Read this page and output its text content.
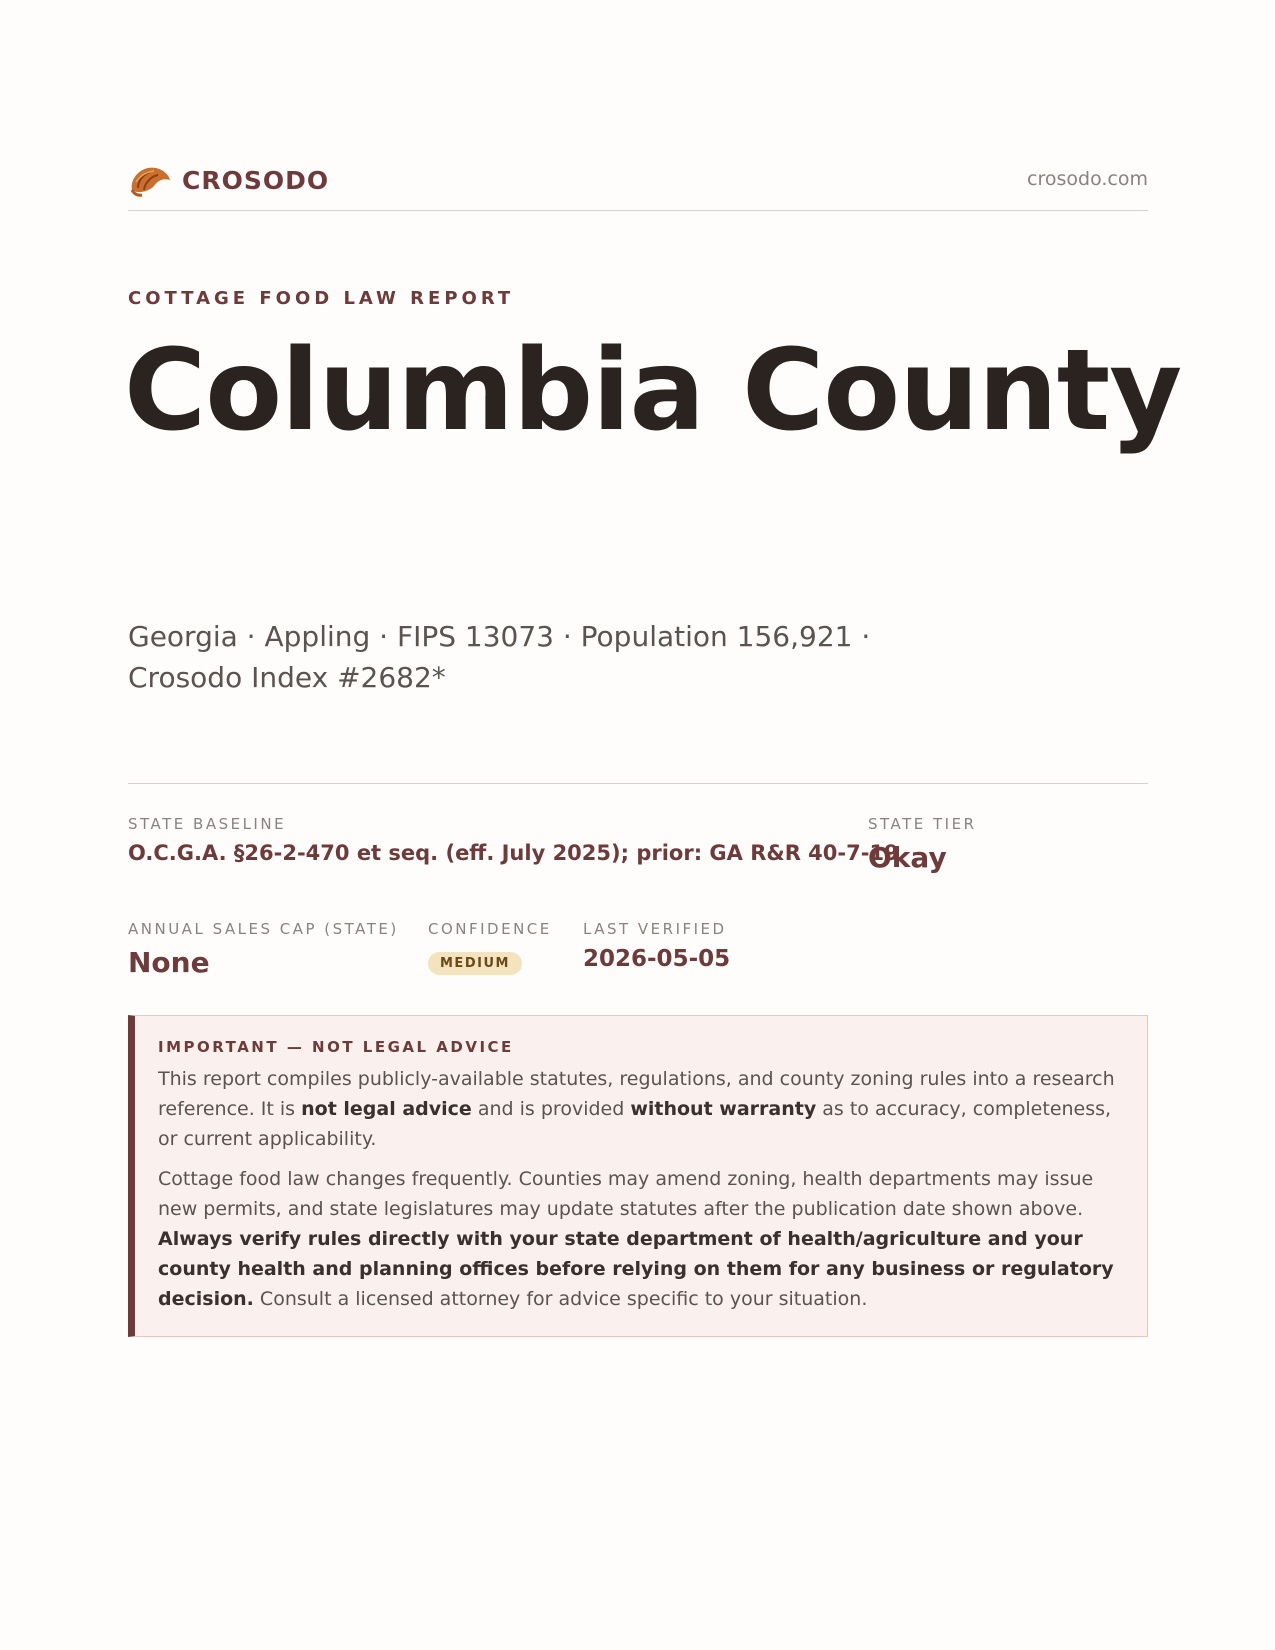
CROSODO	crosodo.com
COTTAGE FOOD LAW REPORT
Columbia County
Georgia · Appling · FIPS 13073 · Population 156,921 · Crosodo Index #2682*
STATE BASELINE
O.C.G.A. §26-2-470 et seq. (eff. July 2025); prior: GA R&R 40-7-19
STATE TIER
Okay
ANNUAL SALES CAP (STATE)
None
CONFIDENCE
MEDIUM
LAST VERIFIED
2026-05-05
IMPORTANT — NOT LEGAL ADVICE

This report compiles publicly-available statutes, regulations, and county zoning rules into a research reference. It is not legal advice and is provided without warranty as to accuracy, completeness, or current applicability.

Cottage food law changes frequently. Counties may amend zoning, health departments may issue new permits, and state legislatures may update statutes after the publication date shown above. Always verify rules directly with your state department of health/agriculture and your county health and planning offices before relying on them for any business or regulatory decision. Consult a licensed attorney for advice specific to your situation.
